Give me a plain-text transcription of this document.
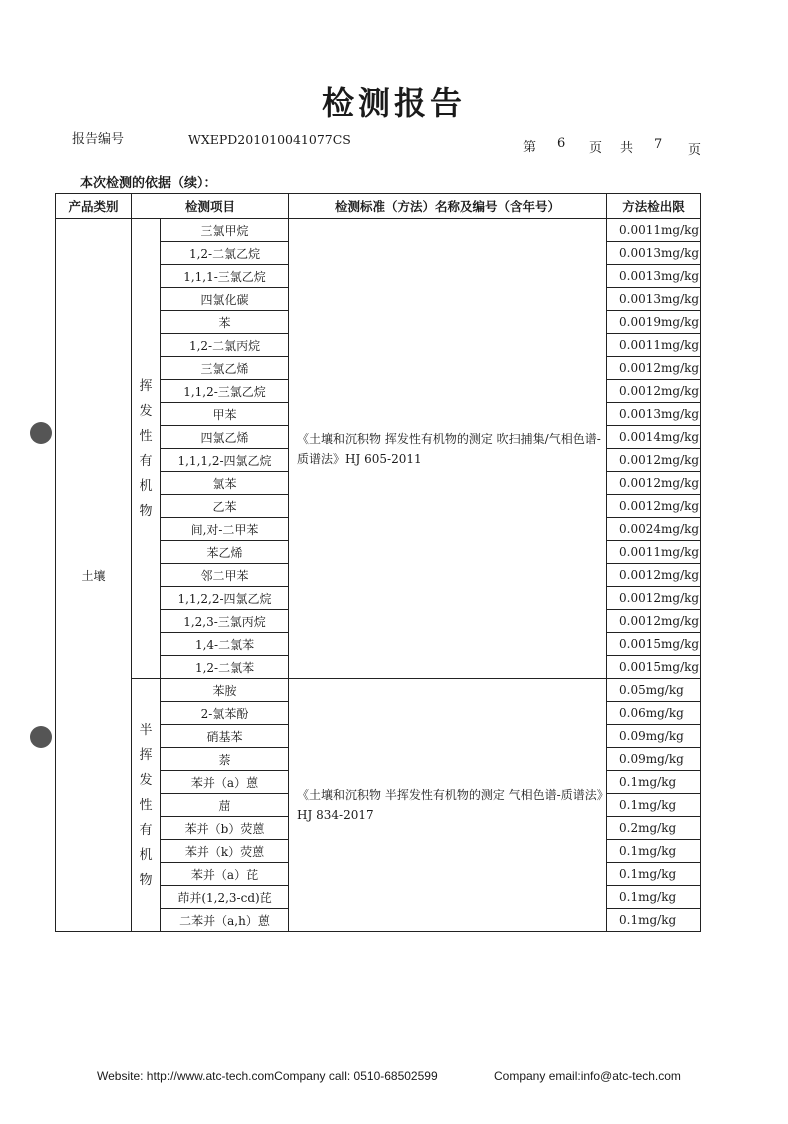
检测报告
报告编号	WXEPD201010041077CS
第 6 页 共 7 页
本次检测的依据（续）：
产品类别	检测项目		检测标准（方法）名称及编号（含年号）	方法检出限
土壤	挥发性有机物	三氯甲烷	《土壤和沉积物 挥发性有机物的测定 吹扫捕集/气相色谱-质谱法》HJ 605-2011	0.0011mg/kg
		1,2-二氯乙烷		0.0013mg/kg
		1,1,1-三氯乙烷		0.0013mg/kg
		四氯化碳		0.0013mg/kg
		苯		0.0019mg/kg
		1,2-二氯丙烷		0.0011mg/kg
		三氯乙烯		0.0012mg/kg
		1,1,2-三氯乙烷		0.0012mg/kg
		甲苯		0.0013mg/kg
		四氯乙烯		0.0014mg/kg
		1,1,1,2-四氯乙烷		0.0012mg/kg
		氯苯		0.0012mg/kg
		乙苯		0.0012mg/kg
		间,对-二甲苯		0.0024mg/kg
		苯乙烯		0.0011mg/kg
		邻二甲苯		0.0012mg/kg
		1,1,2,2-四氯乙烷		0.0012mg/kg
		1,2,3-三氯丙烷		0.0012mg/kg
		1,4-二氯苯		0.0015mg/kg
		1,2-二氯苯		0.0015mg/kg
	半挥发性有机物	苯胺	《土壤和沉积物 半挥发性有机物的测定 气相色谱-质谱法》HJ 834-2017	0.05mg/kg
		2-氯苯酚		0.06mg/kg
		硝基苯		0.09mg/kg
		萘		0.09mg/kg
		苯并（a）蒽		0.1mg/kg
		䓛		0.1mg/kg
		苯并（b）荧蒽		0.2mg/kg
		苯并（k）荧蒽		0.1mg/kg
		苯并（a）芘		0.1mg/kg
		茚并(1,2,3-cd)芘		0.1mg/kg
		二苯并（a,h）蒽		0.1mg/kg
Website: http://www.atc-tech.comCompany call: 0510-68502599	Company email:info@atc-tech.com
